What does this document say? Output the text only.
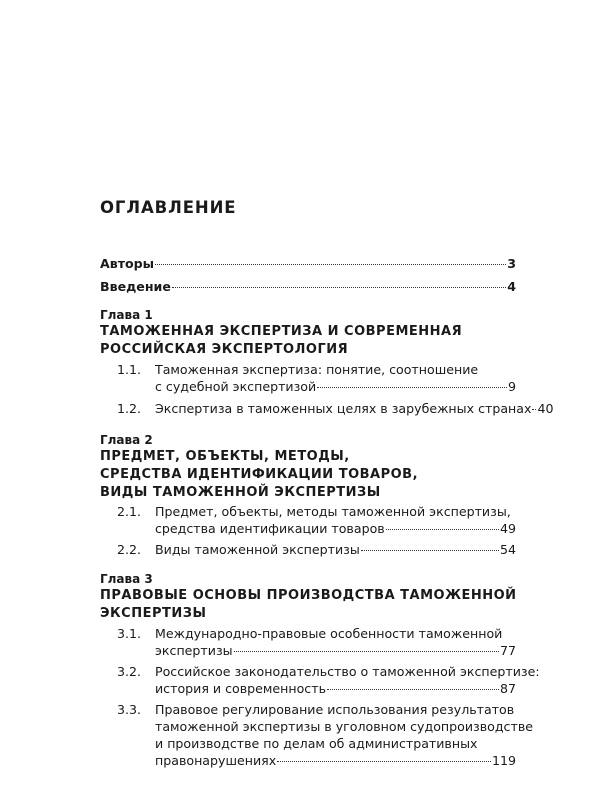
ОГЛАВЛЕНИЕ
Авторы	3
Введение	4
Глава 1
ТАМОЖЕННАЯ ЭКСПЕРТИЗА И СОВРЕМЕННАЯ
РОССИЙСКАЯ ЭКСПЕРТОЛОГИЯ
1.1. Таможенная экспертиза: понятие, соотношение
с судебной экспертизой	9
1.2. Экспертиза в таможенных целях в зарубежных странах 40
Глава 2
ПРЕДМЕТ, ОБЪЕКТЫ, МЕТОДЫ,
СРЕДСТВА ИДЕНТИФИКАЦИИ ТОВАРОВ,
ВИДЫ ТАМОЖЕННОЙ ЭКСПЕРТИЗЫ
2.1. Предмет, объекты, методы таможенной экспертизы,
средства идентификации товаров	49
2.2. Виды таможенной экспертизы	54
Глава 3
ПРАВОВЫЕ ОСНОВЫ ПРОИЗВОДСТВА ТАМОЖЕННОЙ
ЭКСПЕРТИЗЫ
3.1. Международно-правовые особенности таможенной
экспертизы	77
3.2. Российское законодательство о таможенной экспертизе:
история и современность	87
3.3. Правовое регулирование использования результатов
таможенной экспертизы в уголовном судопроизводстве
и производстве по делам об административных
правонарушениях	119
